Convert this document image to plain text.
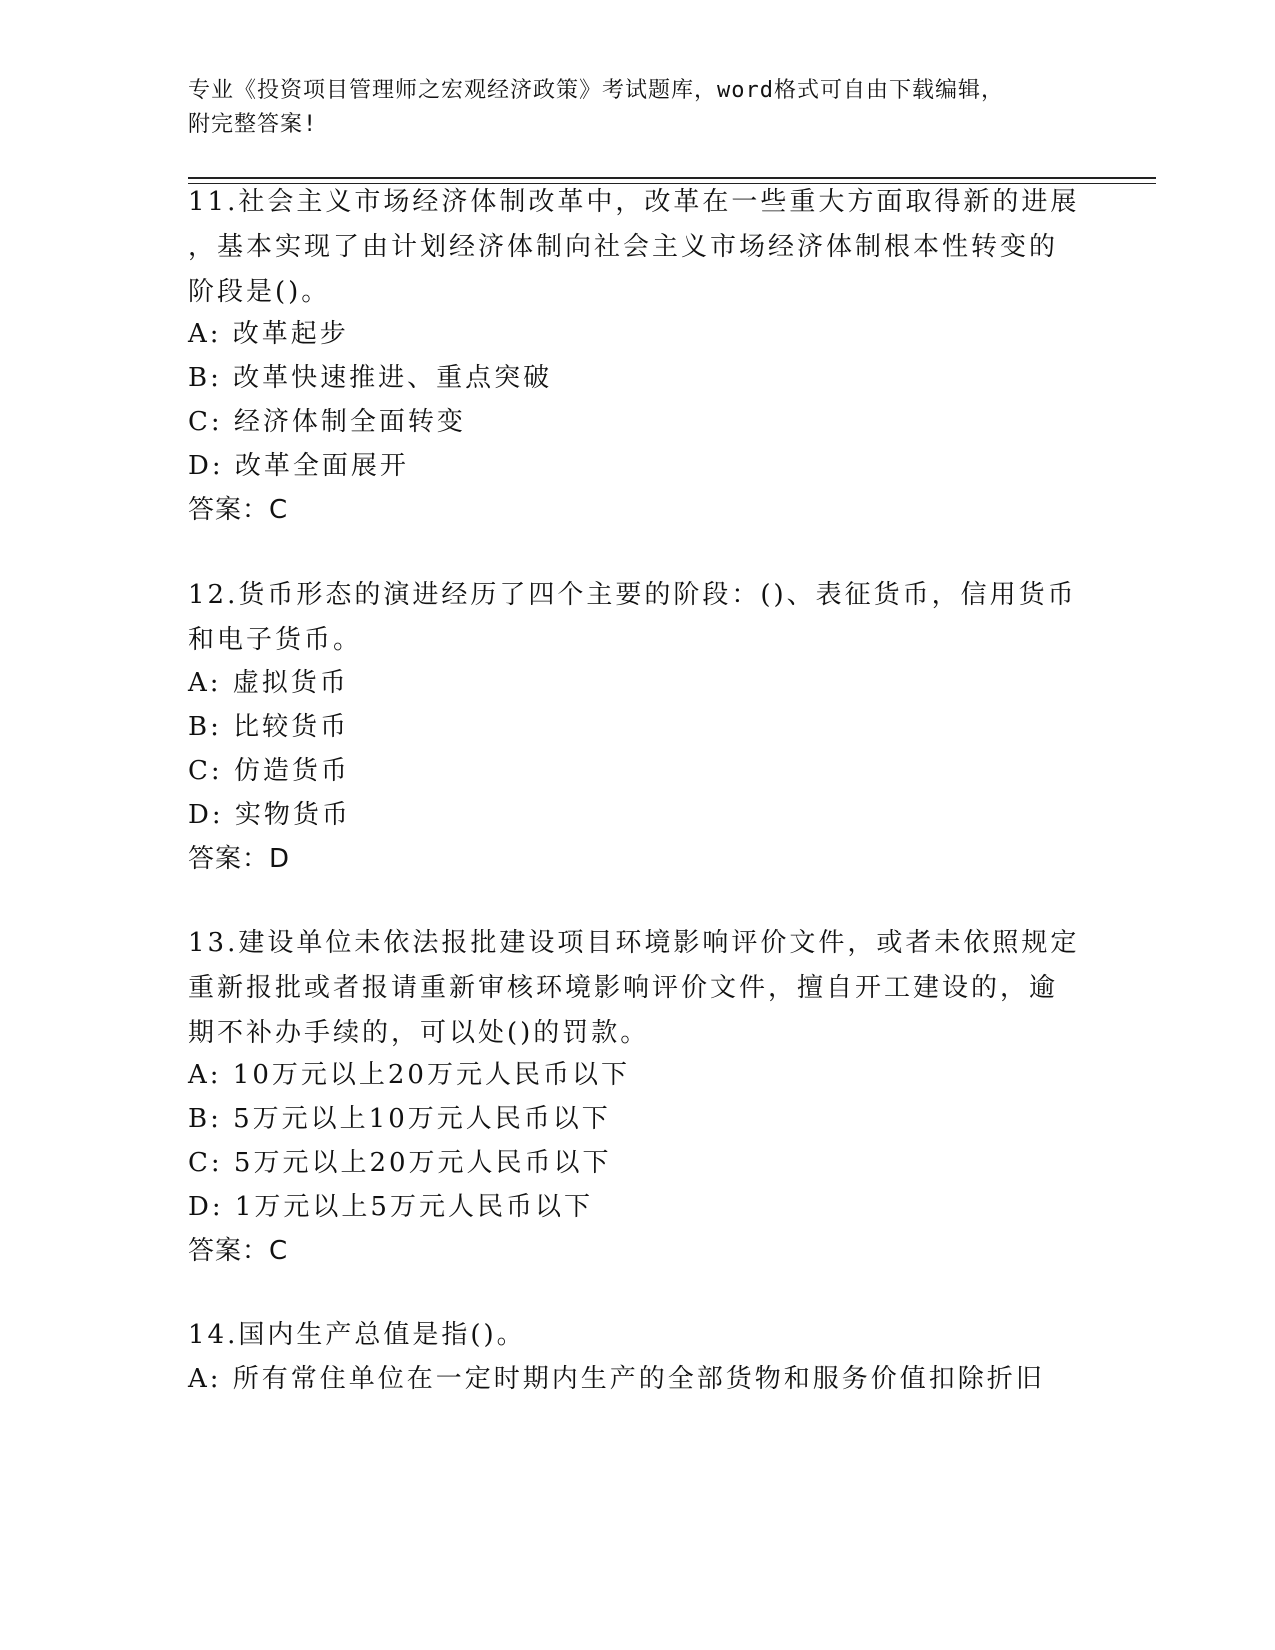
专业《投资项目管理师之宏观经济政策》考试题库，word格式可自由下载编辑，
附完整答案!
11.社会主义市场经济体制改革中，改革在一些重大方面取得新的进展
，基本实现了由计划经济体制向社会主义市场经济体制根本性转变的
阶段是()。
A: 改革起步
B: 改革快速推进、重点突破
C: 经济体制全面转变
D: 改革全面展开
答案：C
12.货币形态的演进经历了四个主要的阶段：()、表征货币，信用货币
和电子货币。
A: 虚拟货币
B: 比较货币
C: 仿造货币
D: 实物货币
答案：D
13.建设单位未依法报批建设项目环境影响评价文件，或者未依照规定
重新报批或者报请重新审核环境影响评价文件，擅自开工建设的，逾
期不补办手续的，可以处()的罚款。
A: 10万元以上20万元人民币以下
B: 5万元以上10万元人民币以下
C: 5万元以上20万元人民币以下
D: 1万元以上5万元人民币以下
答案：C
14.国内生产总值是指()。
A: 所有常住单位在一定时期内生产的全部货物和服务价值扣除折旧
